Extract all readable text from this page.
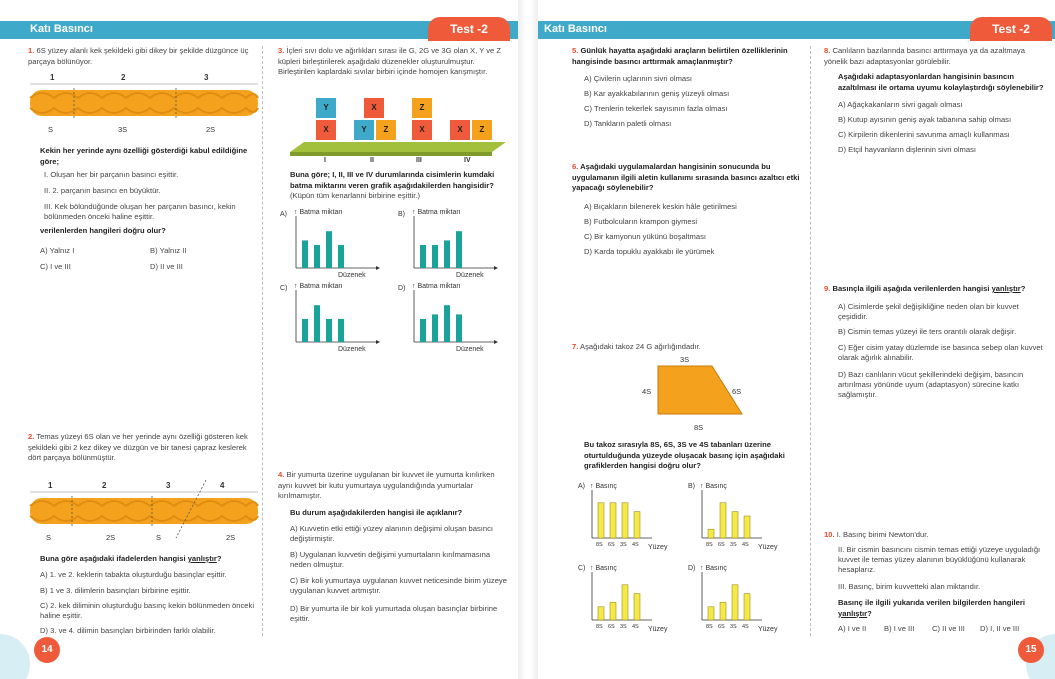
Katı Basıncı	Test -2
1. 6S yüzey alanlı kek şekildeki gibi dikey bir şekilde düzgünce üç parçaya bölünüyor.
1	2	3
S	3S	2S
Kekin her yerinde aynı özelliği gösterdiği kabul edildiğine göre;
I. Oluşan her bir parçanın basıncı eşittir.
II. 2. parçanın basıncı en büyüktür.
III. Kek bölündüğünde oluşan her parçanın basıncı, kekin bölünmeden önceki haline eşittir.
verilenlerden hangileri doğru olur?
A) Yalnız I	B) Yalnız II
C) I ve III	D) II ve III
2. Temas yüzeyi 6S olan ve her yerinde aynı özelliği gösteren kek şekildeki gibi 2 kez dikey ve düzgün ve bir tanesi çapraz keslerek dört parçaya bölünmüştür.
1	2	3	4
S	2S	S	2S
Buna göre aşağıdaki ifadelerden hangisi yanlıştır?
A) 1. ve 2. keklerin tabakta oluşturduğu basınçlar eşittir.
B) 1 ve 3. dilimlerin basınçları birbirine eşittir.
C) 2. kek diliminin oluşturduğu basınç kekin bölünmeden önceki haline eşittir.
D) 3. ve 4. dilimin basınçları birbirinden farklı olabilir.
3. İçleri sıvı dolu ve ağırlıkları sırası ile G, 2G ve 3G olan X, Y ve Z küpleri birleştirilerek aşağıdaki düzenekler oluşturulmuştur. Birleştirilen kaplardaki sıvılar birbiri içinde homojen karışmıştır.
Y
X
X
Y	Z
Z
X	X	Z
I	II	III	IV
Buna göre; I, II, III ve IV durumlarında cisimlerin kumdaki batma miktarını veren grafik aşağıdakilerden hangisidir? (Küpün tüm kenarlanni birbirine eşittir.)
A) ↑ Batma miktarı
Düzenek
B) ↑ Batma miktarı
Düzenek
C) ↑ Batma miktarı
Düzenek
D) ↑ Batma miktarı
Düzenek
4. Bir yumurta üzerine uygulanan bir kuvvet ile yumurta kırılırken aynı kuvvet bir kutu yumurtaya uygulandığında yumurtalar kırılmamıştır.
Bu durum aşağıdakilerden hangisi ile açıklanır?
A) Kuvvetin etki ettiği yüzey alanının değişimi oluşan basıncı değiştirmiştir.
B) Uygulanan kuvvetin değişimi yumurtaların kırılmamasına neden olmuştur.
C) Bir koli yumurtaya uygulanan kuvvet neticesinde birim yüzeye uygulanan kuvvet artmıştır.
D) Bir yumurta ile bir koli yumurtada oluşan basınçlar birbirine eşittir.
14
Katı Basıncı	Test -2
5. Günlük hayatta aşağıdaki araçların belirtilen özelliklerinin hangisinde basıncı arttırmak amaçlanmıştır?
A) Çivilerin uçlarının sivri olması
B) Kar ayakkabılarının geniş yüzeyli olması
C) Trenlerin tekerlek sayısının fazla olması
D) Tankların paletli olması
6. Aşağıdaki uygulamalardan hangisinin sonucunda bu uygulamanın ilgili aletin kullanımı sırasında basıncı azaltıcı etki yapacağı söylenebilir?
A) Bıçakların bilenerek keskin hâle getirilmesi
B) Futbolcuların krampon giymesi
C) Bir kamyonun yükünü boşaltması
D) Karda topuklu ayakkabı ile yürümek
7. Aşağıdaki takoz 24 G ağırlığındadır.
3S
4S	6S
8S
Bu takoz sırasıyla 8S, 6S, 3S ve 4S tabanları üzerine oturtulduğunda yüzeyde oluşacak basınç için aşağıdaki grafiklerden hangisi doğru olur?
A) ↑ Basınç
8S 6S 3S 4S Yüzey
B) ↑ Basınç
8S 6S 3S 4S Yüzey
C) ↑ Basınç
8S 6S 3S 4S Yüzey
D) ↑ Basınç
8S 6S 3S 4S Yüzey
8. Canlıların bazılarında basıncı arttırmaya ya da azaltmaya yönelik bazı adaptasyonlar görülebilir.
Aşağıdaki adaptasyonlardan hangisinin basıncın azaltılması ile ortama uyumu kolaylaştırdığı söylenebilir?
A) Ağaçkakanların sivri gagalı olması
B) Kutup ayısının geniş ayak tabanına sahip olması
C) Kirpilerin dikenlerini savunma amaçlı kullanması
D) Etçil hayvanların dişlerinin sivri olması
9. Basınçla ilgili aşağıda verilenlerden hangisi yanlıştır?
A) Cisimlerde şekil değişikliğine neden olan bir kuvvet çeşididir.
B) Cismin temas yüzeyi ile ters orantılı olarak değişir.
C) Eğer cisim yatay düzlemde ise basınca sebep olan kuvvet olarak ağırlık alınabilir.
D) Bazı canlıların vücut şekillerindeki değişim, basıncın artırılması yönünde uyum (adaptasyon) sürecine katkı sağlamıştır.
10. I. Basınç birimi Newton'dur.
II. Bir cismin basıncını cismin temas ettiği yüzeye uyguladığı kuvvet ile temas yüzey alanının büyüklüğünü kullanarak hesaplarız.
III. Basınç, birim kuvvetteki alan miktarıdır.
Basınç ile ilgili yukarıda verilen bilgilerden hangileri yanlıştır?
A) I ve II B) I ve III C) II ve III D) I, II ve III
15
